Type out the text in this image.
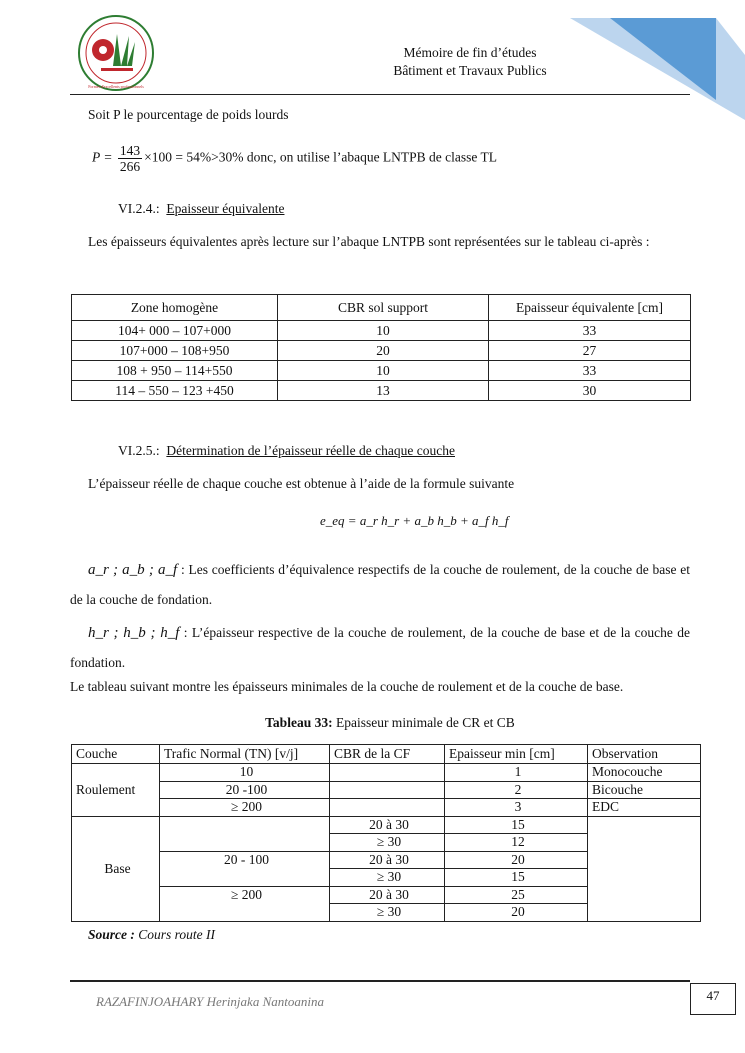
Former d'excellents professionnels
Mémoire de fin d’études
Bâtiment et Travaux Publics
Soit P le pourcentage de poids lourds
$P = \frac{143}{266} \times 100 = 54\%>30\%$ donc, on utilise l’abaque LNTPB de classe TL
VI.2.4.: Epaisseur équivalente
Les épaisseurs équivalentes après lecture sur l’abaque LNTPB sont représentées sur le tableau ci-après :
Zone homogène	CBR sol support	Epaisseur équivalente [cm]
104+ 000 – 107+000	10	33
107+000 – 108+950	20	27
108 + 950 – 114+550	10	33
114 – 550 – 123 +450	13	30
VI.2.5.: Détermination de l’épaisseur réelle de chaque couche
L’épaisseur réelle de chaque couche est obtenue à l’aide de la formule suivante
e_eq = a_r h_r + a_b h_b + a_f h_f
a_r ; a_b ; a_f : Les coefficients d’équivalence respectifs de la couche de roulement, de la couche de base et de la couche de fondation.
h_r ; h_b ; h_f : L’épaisseur respective de la couche de roulement, de la couche de base et de la couche de fondation.
Le tableau suivant montre les épaisseurs minimales de la couche de roulement et de la couche de base.
Tableau 33: Epaisseur minimale de CR et CB
Couche	Trafic Normal (TN) [v/j]	CBR de la CF	Epaisseur min [cm]	Observation
Roulement	10		1	Monocouche
	20 -100		2	Bicouche
	≥ 200		3	EDC
Base		20 à 30	15	
		≥ 30	12	
	20 - 100	20 à 30	20	
		≥ 30	15	
	≥ 200	20 à 30	25	
		≥ 30	20	
Source : Cours route II
RAZAFINJOAHARY Herinjaka Nantoanina	47
